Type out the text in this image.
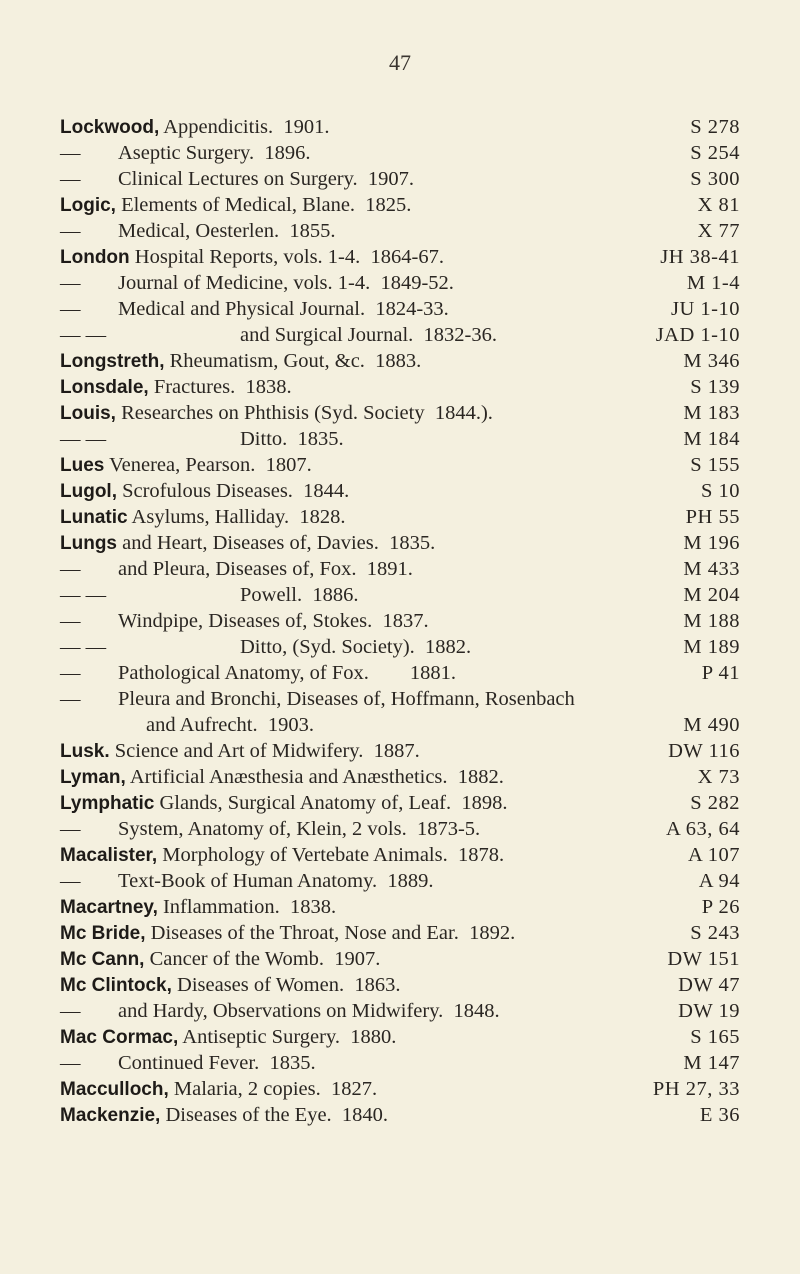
47
Lockwood, Appendicitis.  1901.	S 278
— Aseptic Surgery.  1896.	S 254
— Clinical Lectures on Surgery.  1907.	S 300
Logic, Elements of Medical, Blane.  1825.	X 81
— Medical, Oesterlen.  1855.	X 77
London Hospital Reports, vols. 1-4.  1864-67.	JH 38-41
— Journal of Medicine, vols. 1-4.  1849-52.	M 1-4
— Medical and Physical Journal.  1824-33.	JU 1-10
— —	and Surgical Journal.  1832-36.	JAD 1-10
Longstreth, Rheumatism, Gout, &c.  1883.	M 346
Lonsdale, Fractures.  1838.	S 139
Louis, Researches on Phthisis (Syd. Society  1844.).	M 183
— —	Ditto.  1835.	M 184
Lues Venerea, Pearson.  1807.	S 155
Lugol, Scrofulous Diseases.  1844.	S 10
Lunatic Asylums, Halliday.  1828.	PH 55
Lungs and Heart, Diseases of, Davies.  1835.	M 196
— and Pleura, Diseases of, Fox.  1891.	M 433
— —	Powell.  1886.	M 204
— Windpipe, Diseases of, Stokes.  1837.	M 188
— —	Ditto, (Syd. Society).  1882.	M 189
— Pathological Anatomy, of Fox.        1881.	P 41
— Pleura and Bronchi, Diseases of, Hoffmann, Rosenbach
and Aufrecht.  1903.	M 490
Lusk. Science and Art of Midwifery.  1887.	DW 116
Lyman, Artificial Anæsthesia and Anæsthetics.  1882.	X 73
Lymphatic Glands, Surgical Anatomy of, Leaf.  1898.	S 282
— System, Anatomy of, Klein, 2 vols.  1873-5.	A 63, 64
Macalister, Morphology of Vertebate Animals.  1878.	A 107
— Text-Book of Human Anatomy.  1889.	A 94
Macartney, Inflammation.  1838.	P 26
Mc Bride, Diseases of the Throat, Nose and Ear.  1892.	S 243
Mc Cann, Cancer of the Womb.  1907.	DW 151
Mc Clintock, Diseases of Women.  1863.	DW 47
— and Hardy, Observations on Midwifery.  1848.	DW 19
Mac Cormac, Antiseptic Surgery.  1880.	S 165
— Continued Fever.  1835.	M 147
Macculloch, Malaria, 2 copies.  1827.	PH 27, 33
Mackenzie, Diseases of the Eye.  1840.	E 36
